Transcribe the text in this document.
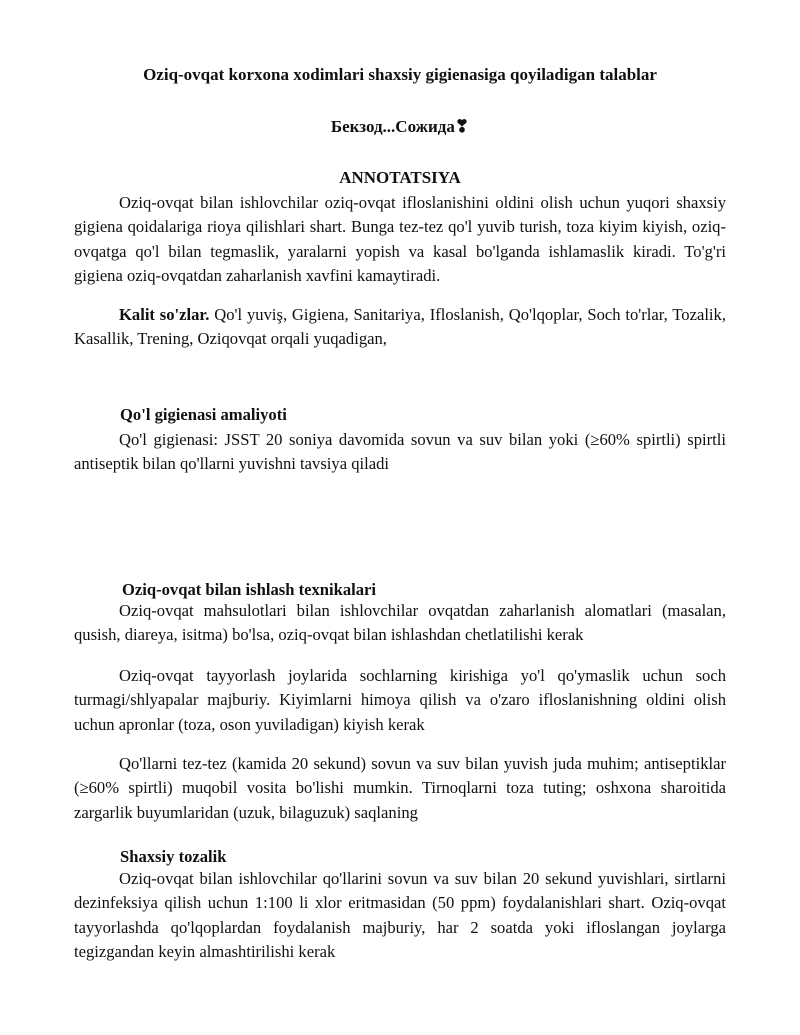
Oziq-ovqat korxona xodimlari shaxsiy gigienasiga qoyiladigan talablar
Бекзод...Сожида❣
ANNOTATSIYA
Oziq-ovqat bilan ishlovchilar oziq-ovqat ifloslanishini oldini olish uchun yuqori shaxsiy gigiena qoidalariga rioya qilishlari shart. Bunga tez-tez qo'l yuvib turish, toza kiyim kiyish, oziq-ovqatga qo'l bilan tegmaslik, yaralarni yopish va kasal bo'lganda ishlamaslik kiradi. To'g'ri gigiena oziq-ovqatdan zaharlanish xavfini kamaytiradi.
Kalit so'zlar. Qo'l yuviş, Gigiena, Sanitariya, Ifloslanish, Qo'lqoplar, Soch to'rlar, Tozalik, Kasallik, Trening, Oziqovqat orqali yuqadigan,
Qo'l gigienasi amaliyoti
Qo'l gigienasi: JSST 20 soniya davomida sovun va suv bilan yoki (≥60% spirtli) spirtli antiseptik bilan qo'llarni yuvishni tavsiya qiladi
Oziq-ovqat bilan ishlash texnikalari
Oziq-ovqat mahsulotlari bilan ishlovchilar ovqatdan zaharlanish alomatlari (masalan, qusish, diareya, isitma) bo'lsa, oziq-ovqat bilan ishlashdan chetlatilishi kerak
Oziq-ovqat tayyorlash joylarida sochlarning kirishiga yo'l qo'ymaslik uchun soch turmagi/shlyapalar majburiy. Kiyimlarni himoya qilish va o'zaro ifloslanishning oldini olish uchun apronlar (toza, oson yuviladigan) kiyish kerak
Qo'llarni tez-tez (kamida 20 sekund) sovun va suv bilan yuvish juda muhim; antiseptiklar (≥60% spirtli) muqobil vosita bo'lishi mumkin. Tirnoqlarni toza tuting; oshxona sharoitida zargarlik buyumlaridan (uzuk, bilaguzuk) saqlaning
Shaxsiy tozalik
Oziq-ovqat bilan ishlovchilar qo'llarini sovun va suv bilan 20 sekund yuvishlari, sirtlarni dezinfeksiya qilish uchun 1:100 li xlor eritmasidan (50 ppm) foydalanishlari shart. Oziq-ovqat tayyorlashda qo'lqoplardan foydalanish majburiy, har 2 soatda yoki ifloslangan joylarga tegizgandan keyin almashtirilishi kerak
